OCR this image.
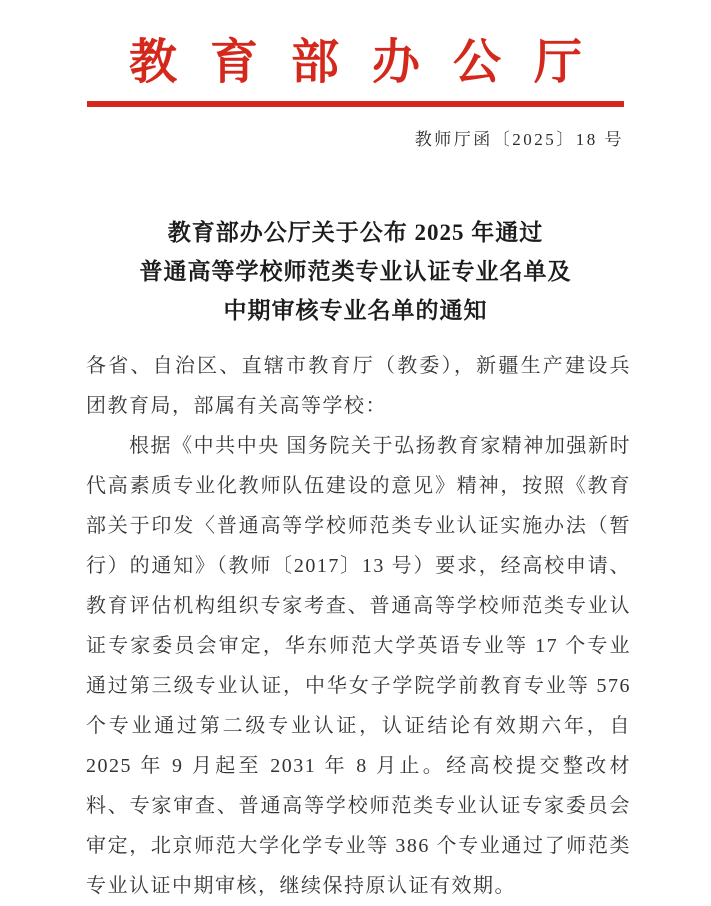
教育部办公厅
教师厅函〔2025〕18 号
教育部办公厅关于公布 2025 年通过
普通高等学校师范类专业认证专业名单及
中期审核专业名单的通知

各省、自治区、直辖市教育厅（教委），新疆生产建设兵团教育局，部属有关高等学校：

根据《中共中央 国务院关于弘扬教育家精神加强新时代高素质专业化教师队伍建设的意见》精神，按照《教育部关于印发〈普通高等学校师范类专业认证实施办法（暂行）的通知》（教师〔2017〕13 号）要求，经高校申请、教育评估机构组织专家考查、普通高等学校师范类专业认证专家委员会审定，华东师范大学英语专业等 17 个专业通过第三级专业认证，中华女子学院学前教育专业等 576 个专业通过第二级专业认证，认证结论有效期六年，自 2025 年 9 月起至 2031 年 8 月止。经高校提交整改材料、专家审查、普通高等学校师范类专业认证专家委员会审定，北京师范大学化学专业等 386 个专业通过了师范类专业认证中期审核，继续保持原认证有效期。
